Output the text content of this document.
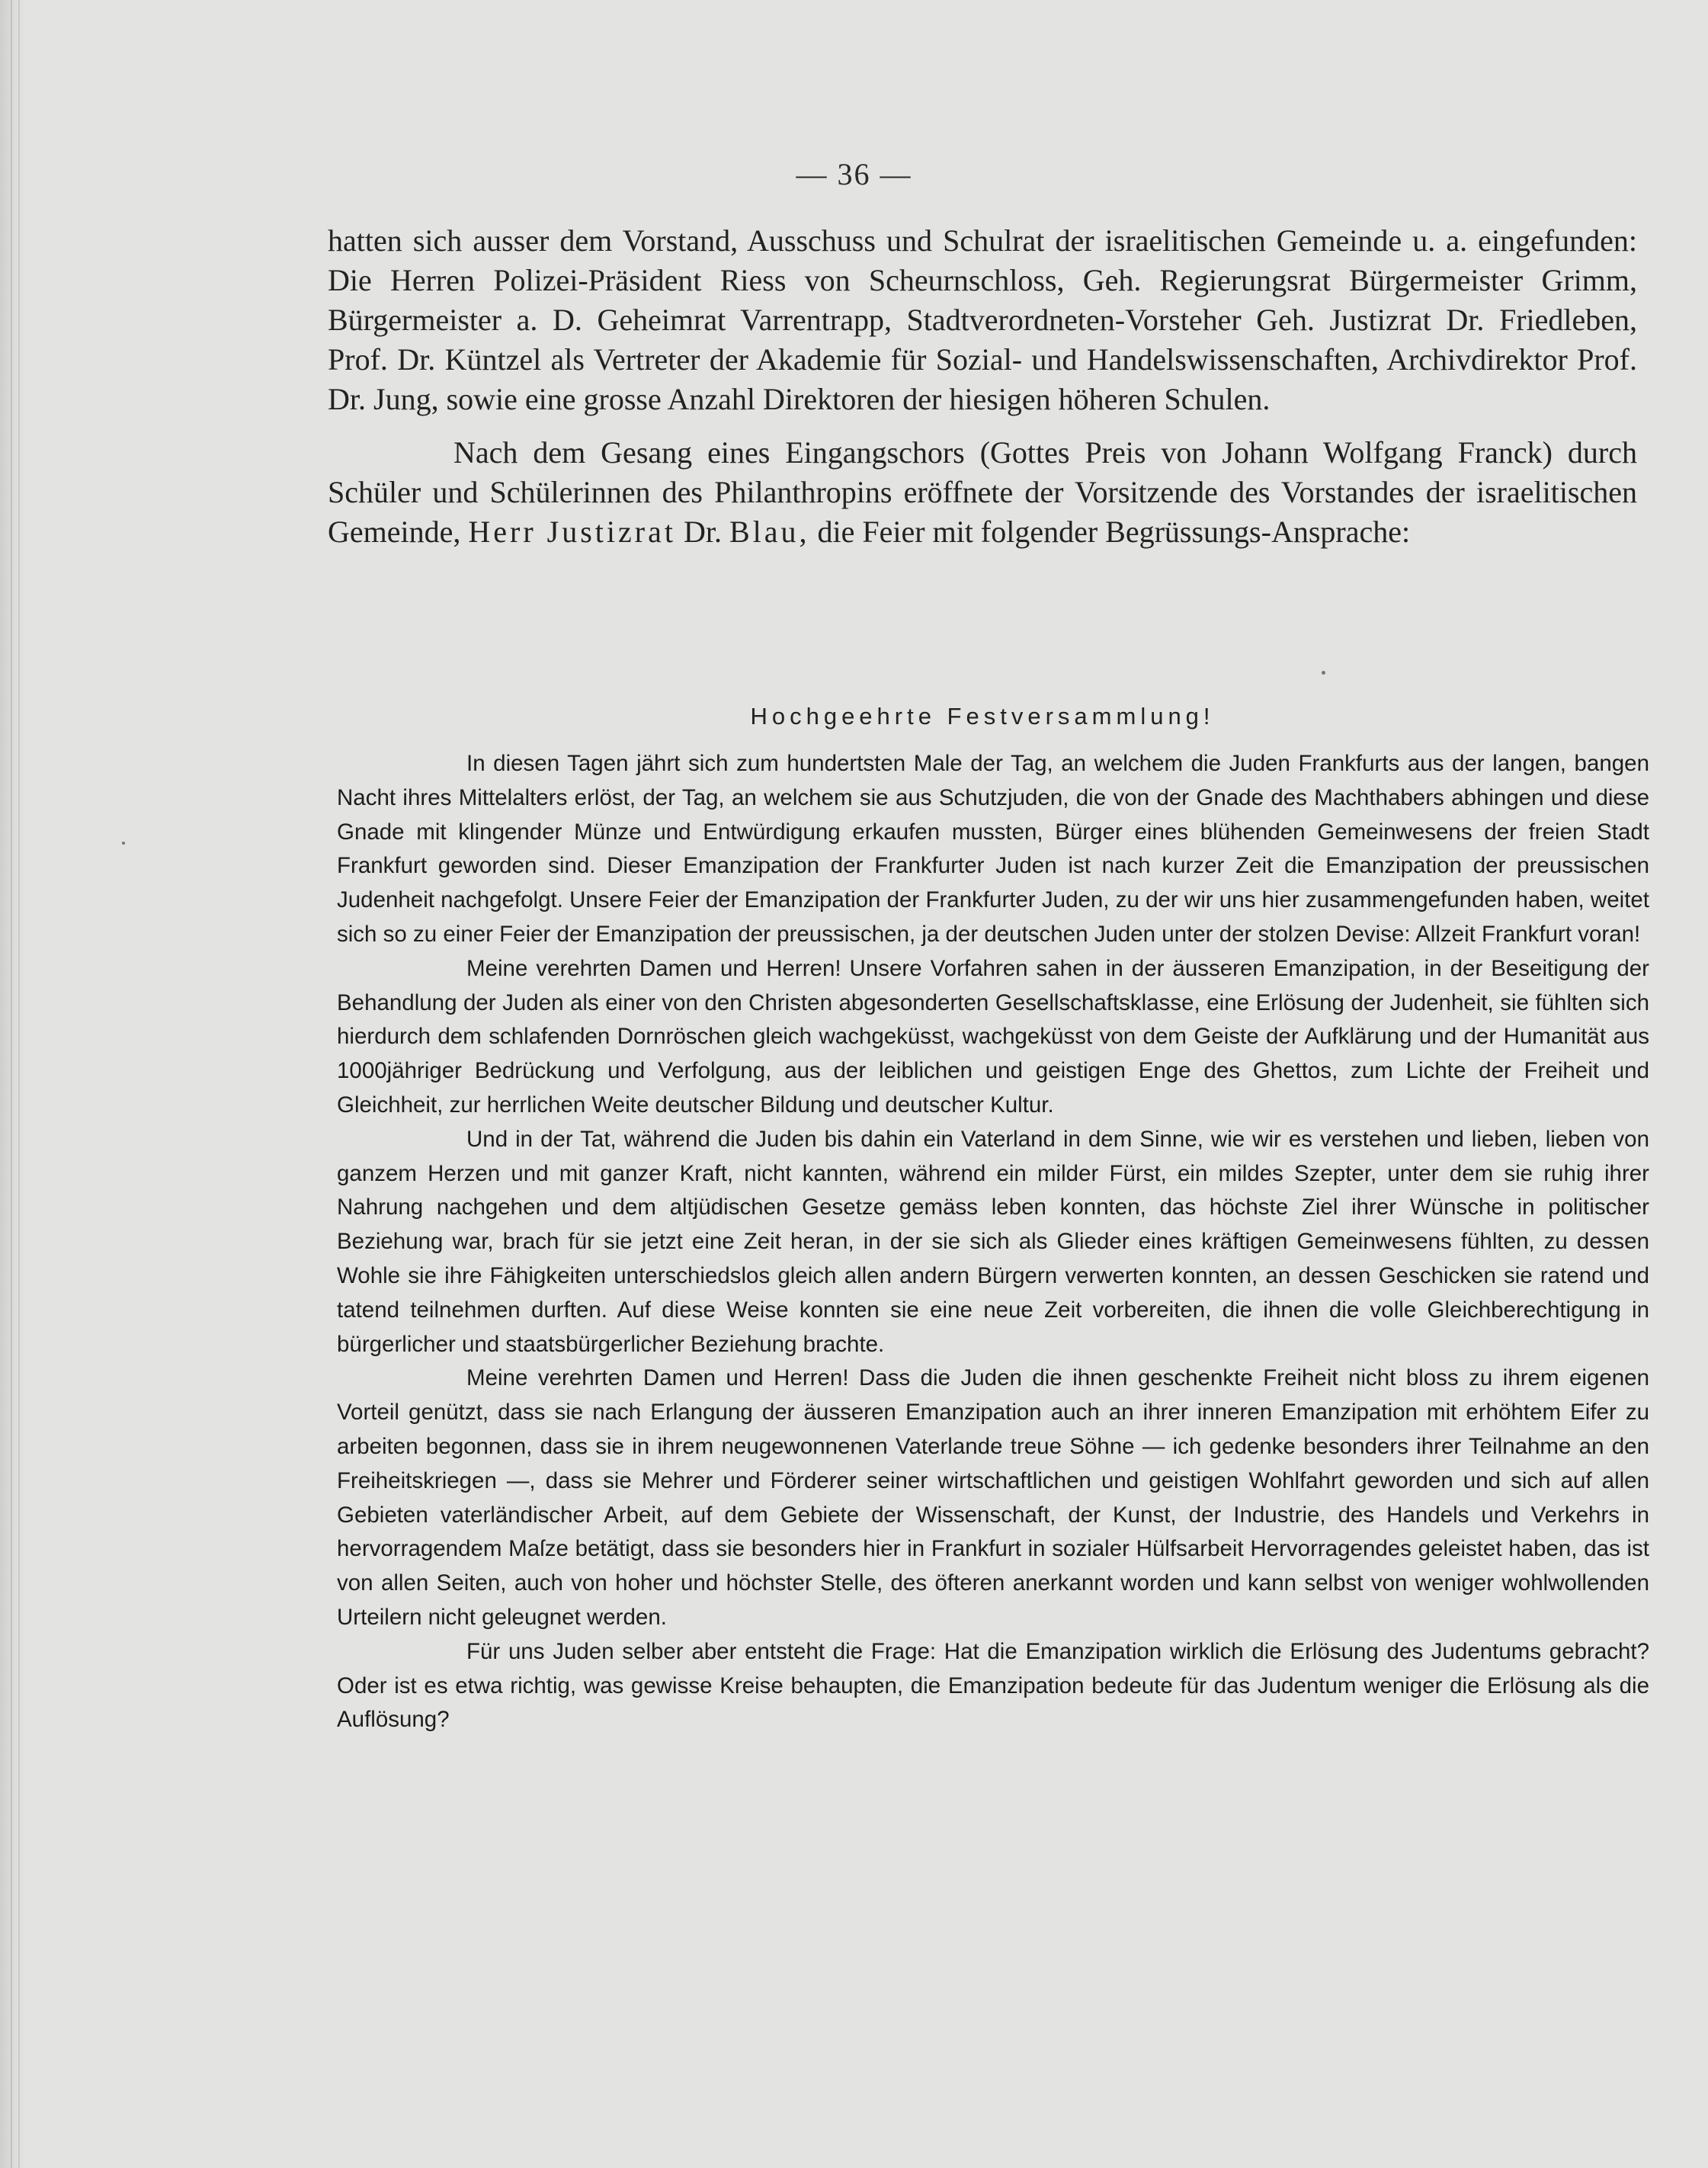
— 36 —

hatten sich ausser dem Vorstand, Ausschuss und Schulrat der israelitischen Gemeinde u. a. eingefunden: Die Herren Polizei-Präsident Riess von Scheurnschloss, Geh. Regierungsrat Bürgermeister Grimm, Bürgermeister a. D. Geheimrat Varrentrapp, Stadtverordneten-Vorsteher Geh. Justizrat Dr. Friedleben, Prof. Dr. Küntzel als Vertreter der Akademie für Sozial- und Handelswissenschaften, Archivdirektor Prof. Dr. Jung, sowie eine grosse Anzahl Direktoren der hiesigen höheren Schulen.

Nach dem Gesang eines Eingangschors (Gottes Preis von Johann Wolfgang Franck) durch Schüler und Schülerinnen des Philanthropins eröffnete der Vorsitzende des Vorstandes der israelitischen Gemeinde, Herr Justizrat Dr. Blau, die Feier mit folgender Begrüssungs-Ansprache:

Hochgeehrte Festversammlung!

In diesen Tagen jährt sich zum hundertsten Male der Tag, an welchem die Juden Frankfurts aus der langen, bangen Nacht ihres Mittelalters erlöst, der Tag, an welchem sie aus Schutzjuden, die von der Gnade des Machthabers abhingen und diese Gnade mit klingender Münze und Entwürdigung erkaufen mussten, Bürger eines blühenden Gemeinwesens der freien Stadt Frankfurt geworden sind. Dieser Emanzipation der Frankfurter Juden ist nach kurzer Zeit die Emanzipation der preussischen Judenheit nachgefolgt. Unsere Feier der Emanzipation der Frankfurter Juden, zu der wir uns hier zusammengefunden haben, weitet sich so zu einer Feier der Emanzipation der preussischen, ja der deutschen Juden unter der stolzen Devise: Allzeit Frankfurt voran!

Meine verehrten Damen und Herren! Unsere Vorfahren sahen in der äusseren Emanzipation, in der Beseitigung der Behandlung der Juden als einer von den Christen abgesonderten Gesellschaftsklasse, eine Erlösung der Judenheit, sie fühlten sich hierdurch dem schlafenden Dornröschen gleich wachgeküsst, wachgeküsst von dem Geiste der Aufklärung und der Humanität aus 1000jähriger Bedrückung und Verfolgung, aus der leiblichen und geistigen Enge des Ghettos, zum Lichte der Freiheit und Gleichheit, zur herrlichen Weite deutscher Bildung und deutscher Kultur.

Und in der Tat, während die Juden bis dahin ein Vaterland in dem Sinne, wie wir es verstehen und lieben, lieben von ganzem Herzen und mit ganzer Kraft, nicht kannten, während ein milder Fürst, ein mildes Szepter, unter dem sie ruhig ihrer Nahrung nachgehen und dem altjüdischen Gesetze gemäss leben konnten, das höchste Ziel ihrer Wünsche in politischer Beziehung war, brach für sie jetzt eine Zeit heran, in der sie sich als Glieder eines kräftigen Gemeinwesens fühlten, zu dessen Wohle sie ihre Fähigkeiten unterschiedslos gleich allen andern Bürgern verwerten konnten, an dessen Geschicken sie ratend und tatend teilnehmen durften. Auf diese Weise konnten sie eine neue Zeit vorbereiten, die ihnen die volle Gleichberechtigung in bürgerlicher und staatsbürgerlicher Beziehung brachte.

Meine verehrten Damen und Herren! Dass die Juden die ihnen geschenkte Freiheit nicht bloss zu ihrem eigenen Vorteil genützt, dass sie nach Erlangung der äusseren Emanzipation auch an ihrer inneren Emanzipation mit erhöhtem Eifer zu arbeiten begonnen, dass sie in ihrem neugewonnenen Vaterlande treue Söhne — ich gedenke besonders ihrer Teilnahme an den Freiheitskriegen —, dass sie Mehrer und Förderer seiner wirtschaftlichen und geistigen Wohlfahrt geworden und sich auf allen Gebieten vaterländischer Arbeit, auf dem Gebiete der Wissenschaft, der Kunst, der Industrie, des Handels und Verkehrs in hervorragendem Maſze betätigt, dass sie besonders hier in Frankfurt in sozialer Hülfsarbeit Hervorragendes geleistet haben, das ist von allen Seiten, auch von hoher und höchster Stelle, des öfteren anerkannt worden und kann selbst von weniger wohlwollenden Urteilern nicht geleugnet werden.

Für uns Juden selber aber entsteht die Frage: Hat die Emanzipation wirklich die Erlösung des Judentums gebracht? Oder ist es etwa richtig, was gewisse Kreise behaupten, die Emanzipation bedeute für das Judentum weniger die Erlösung als die Auflösung?
